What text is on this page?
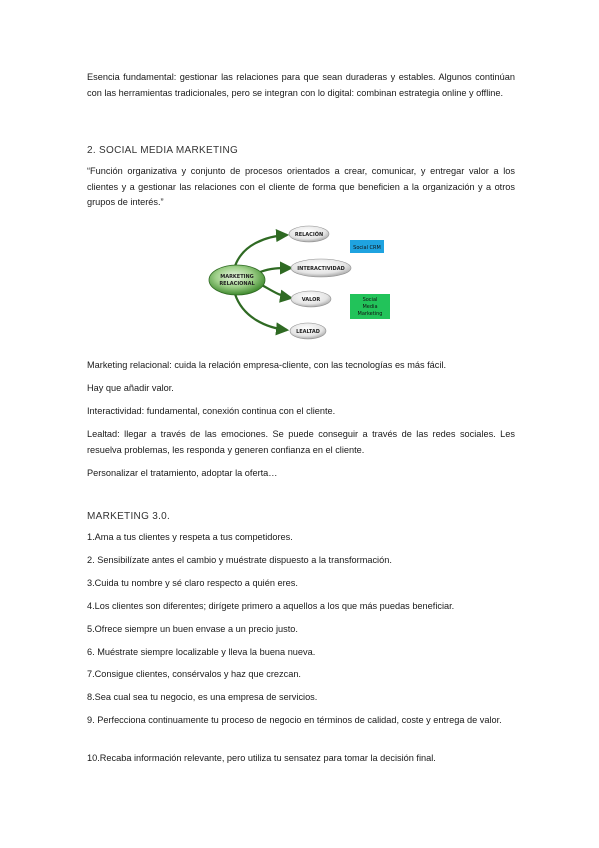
Esencia fundamental: gestionar las relaciones para que sean duraderas y estables. Algunos continúan con las herramientas tradicionales, pero se integran con lo digital: combinan estrategia online y offline.

2. SOCIAL MEDIA MARKETING

“Función organizativa y conjunto de procesos orientados a crear, comunicar, y entregar valor a los clientes y a gestionar las relaciones con el cliente de forma que beneficien a la organización y a otros grupos de interés.”

MARKETING
RELACIONAL
RELACIÓN
INTERACTIVIDAD
VALOR
LEALTAD
Social CRM
Social
Media
Marketing

Marketing relacional: cuida la relación empresa-cliente, con las tecnologías es más fácil.

Hay que añadir valor.

Interactividad: fundamental, conexión continua con el cliente.

Lealtad: llegar a través de las emociones. Se puede conseguir a través de las redes sociales. Les resuelva problemas, les responda y generen confianza en el cliente.

Personalizar el tratamiento, adoptar la oferta…

MARKETING 3.0.

1.Ama a tus clientes y respeta a tus competidores.

2. Sensibilízate antes el cambio y muéstrate dispuesto a la transformación.

3.Cuida tu nombre y sé claro respecto a quién eres.

4.Los clientes son diferentes; dirígete primero a aquellos a los que más puedas beneficiar.

5.Ofrece siempre un buen envase a un precio justo.

6. Muéstrate siempre localizable y lleva la buena nueva.

7.Consigue clientes, consérvalos y haz que crezcan.

8.Sea cual sea tu negocio, es una empresa de servicios.

9. Perfecciona continuamente tu proceso de negocio en términos de calidad, coste y entrega de valor.

10.Recaba información relevante, pero utiliza tu sensatez para tomar la decisión final.
